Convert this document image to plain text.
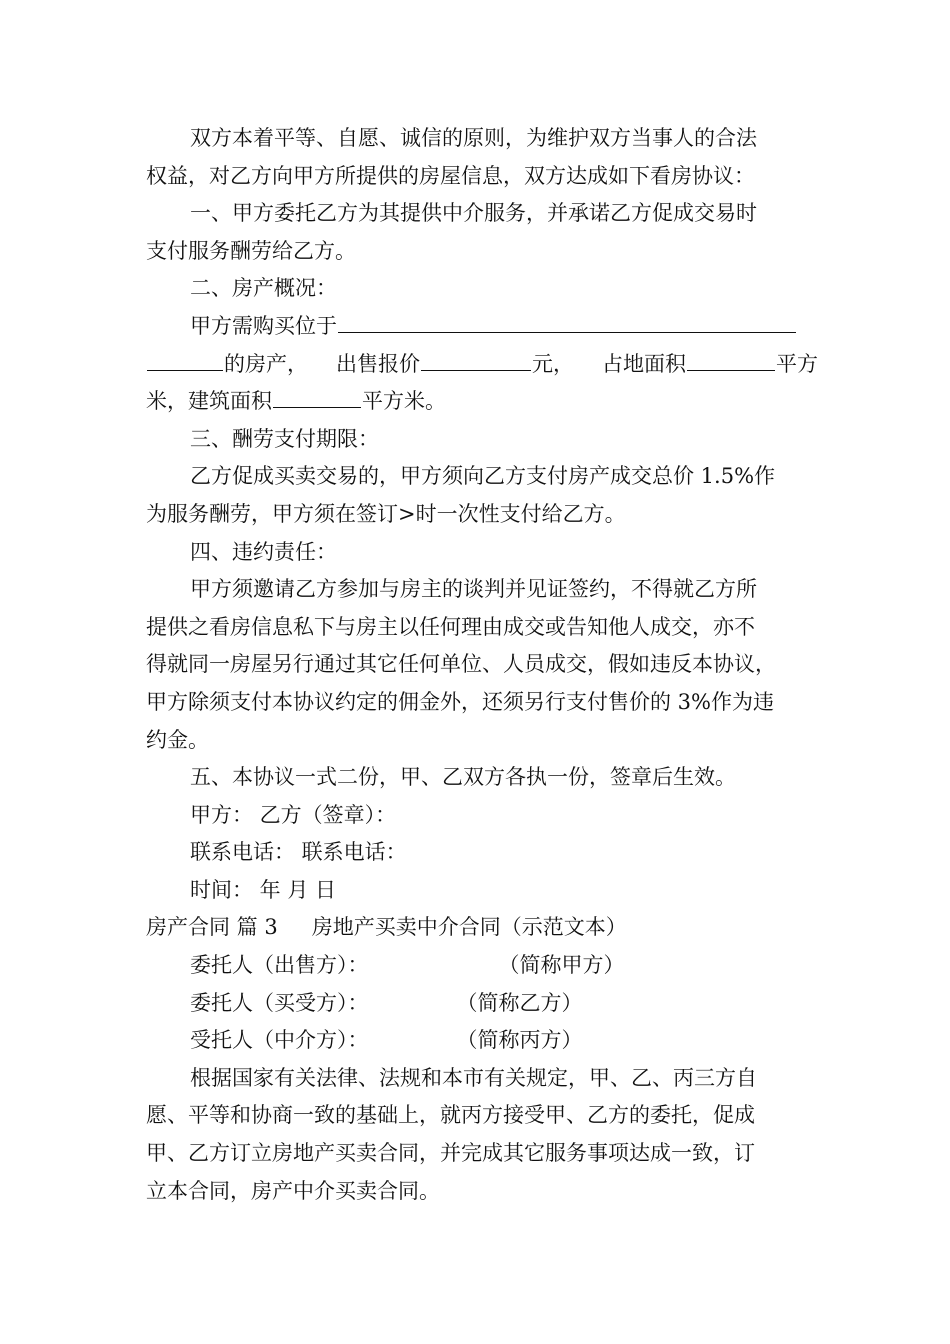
双方本着平等、自愿、诚信的原则，为维护双方当事人的合法
权益，对乙方向甲方所提供的房屋信息，双方达成如下看房协议：
一、甲方委托乙方为其提供中介服务，并承诺乙方促成交易时
支付服务酬劳给乙方。
二、房产概况：
甲方需购买位于
的房产， 出售报价	元， 占地面积	平方
米，建筑面积	平方米。
三、酬劳支付期限：
乙方促成买卖交易的，甲方须向乙方支付房产成交总价 1.5%作
为服务酬劳，甲方须在签订>时一次性支付给乙方。
四、违约责任：
甲方须邀请乙方参加与房主的谈判并见证签约，不得就乙方所
提供之看房信息私下与房主以任何理由成交或告知他人成交，亦不
得就同一房屋另行通过其它任何单位、人员成交，假如违反本协议，
甲方除须支付本协议约定的佣金外，还须另行支付售价的 3%作为违
约金。
五、本协议一式二份，甲、乙双方各执一份，签章后生效。
甲方： 乙方（签章）：
联系电话： 联系电话：
时间： 年 月 日
房产合同 篇 3 房地产买卖中介合同（示范文本）
委托人（出售方）：	（简称甲方）
委托人（买受方）：	（简称乙方）
受托人（中介方）：	（简称丙方）
根据国家有关法律、法规和本市有关规定，甲、乙、丙三方自
愿、平等和协商一致的基础上，就丙方接受甲、乙方的委托，促成
甲、乙方订立房地产买卖合同，并完成其它服务事项达成一致，订
立本合同，房产中介买卖合同。
